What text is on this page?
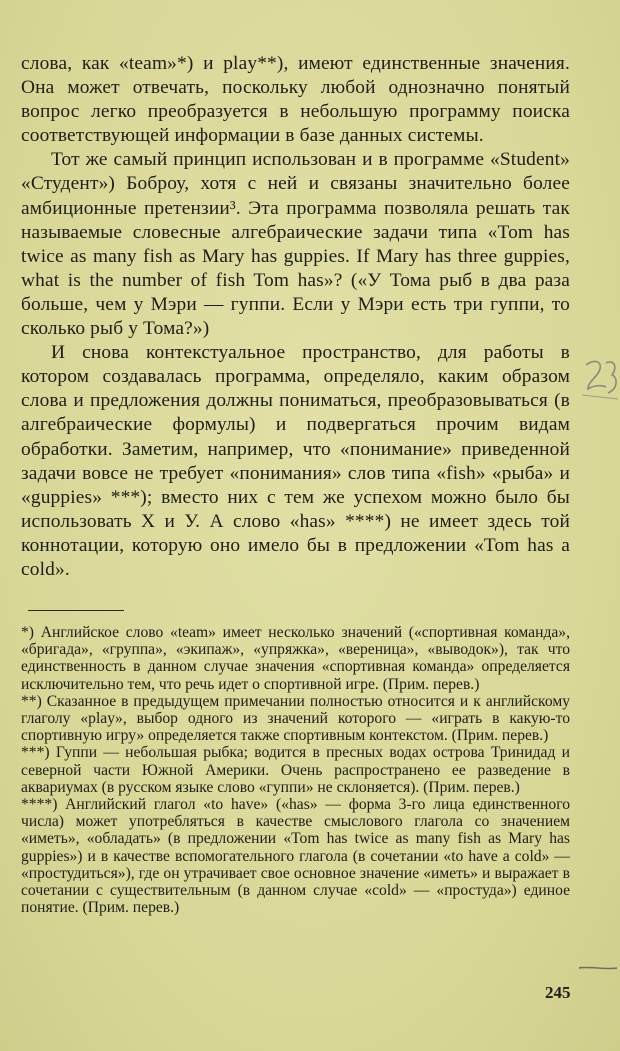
слова, как «team»*) и play**), имеют единственные значения. Она может отвечать, поскольку любой однозначно понятый вопрос легко преобразуется в небольшую программу поиска соответствующей информации в базе данных системы.

Тот же самый принцип использован и в программе «Student» «Студент») Боброу, хотя с ней и связаны значительно более амбиционные претензии³. Эта программа позволяла решать так называемые словесные алгебраические задачи типа «Tom has twice as many fish as Mary has guppies. If Mary has three guppies, what is the number of fish Tom has»? («У Тома рыб в два раза больше, чем у Мэри — гуппи. Если у Мэри есть три гуппи, то сколько рыб у Тома?»)

И снова контекстуальное пространство, для работы в котором создавалась программа, определяло, каким образом слова и предложения должны пониматься, преобразовываться (в алгебраические формулы) и подвергаться прочим видам обработки. Заметим, например, что «понимание» приведенной задачи вовсе не требует «понимания» слов типа «fish» «рыба» и «guppies» ***); вместо них с тем же успехом можно было бы использовать X и У. А слово «has» ****) не имеет здесь той коннотации, которую оно имело бы в предложении «Tom has a cold».

*) Английское слово «team» имеет несколько значений («спортивная команда», «бригада», «группа», «экипаж», «упряжка», «вереница», «выводок»), так что единственность в данном случае значения «спортивная команда» определяется исключительно тем, что речь идет о спортивной игре. (Прим. перев.)

**) Сказанное в предыдущем примечании полностью относится и к английскому глаголу «play», выбор одного из значений которого — «играть в какую-то спортивную игру» определяется также спортивным контекстом. (Прим. перев.)

***) Гуппи — небольшая рыбка; водится в пресных водах острова Тринидад и северной части Южной Америки. Очень распространено ее разведение в аквариумах (в русском языке слово «гуппи» не склоняется). (Прим. перев.)

****) Английский глагол «to have» («has» — форма 3-го лица единственного числа) может употребляться в качестве смыслового глагола со значением «иметь», «обладать» (в предложении «Tom has twice as many fish as Mary has guppies») и в качестве вспомогательного глагола (в сочетании «to have a cold» — «простудиться»), где он утрачивает свое основное значение «иметь» и выражает в сочетании с существительным (в данном случае «cold» — «простуда») единое понятие. (Прим. перев.)

245
